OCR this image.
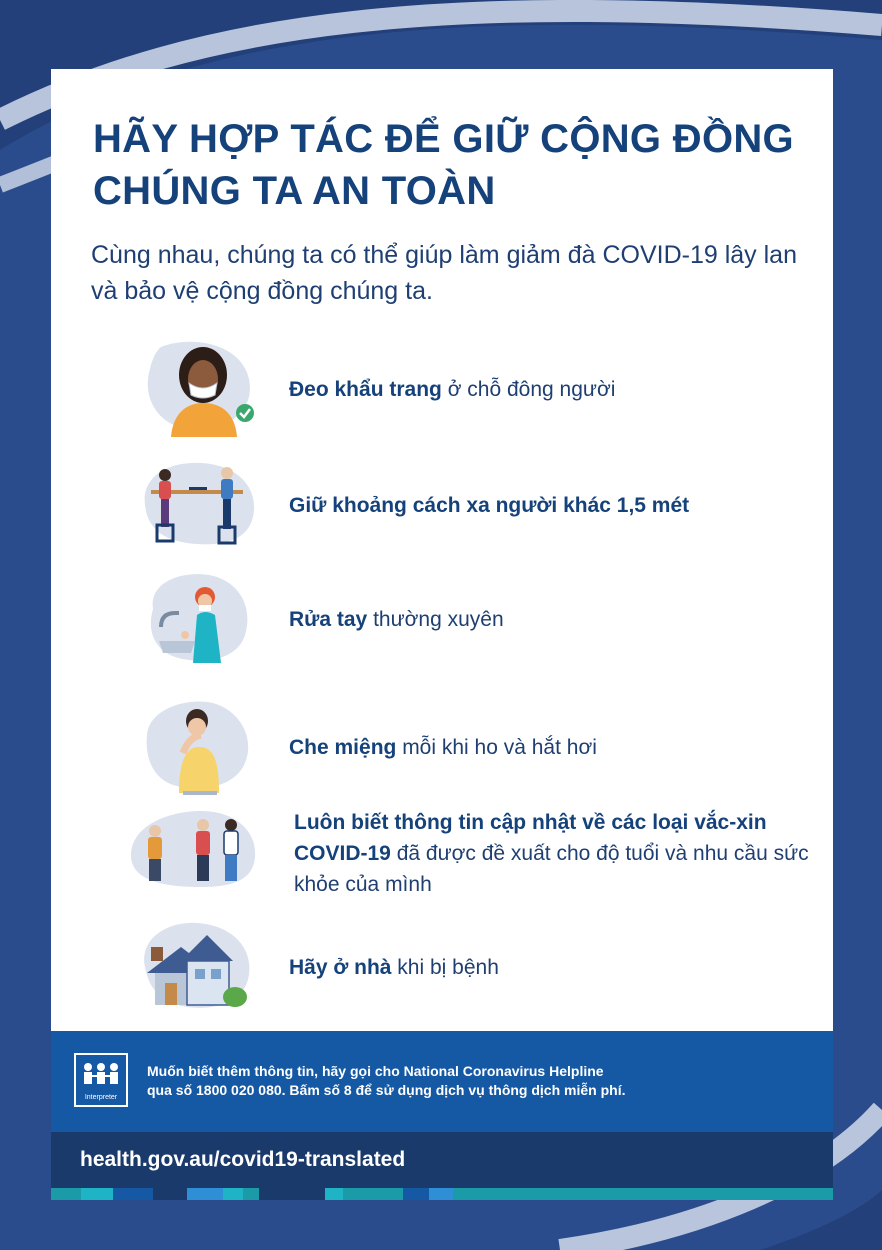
HÃY HỢP TÁC ĐỂ GIỮ CỘNG ĐỒNG CHÚNG TA AN TOÀN

Cùng nhau, chúng ta có thể giúp làm giảm đà COVID-19 lây lan và bảo vệ cộng đồng chúng ta.

Đeo khẩu trang ở chỗ đông người
Giữ khoảng cách xa người khác 1,5 mét
Rửa tay thường xuyên
Che miệng mỗi khi ho và hắt hơi
Luôn biết thông tin cập nhật về các loại vắc-xin COVID-19 đã được đề xuất cho độ tuổi và nhu cầu sức khỏe của mình
Hãy ở nhà khi bị bệnh
Interpreter

Muốn biết thêm thông tin, hãy gọi cho National Coronavirus Helpline
qua số 1800 020 080. Bấm số 8 để sử dụng dịch vụ thông dịch miễn phí.

health.gov.au/covid19-translated
